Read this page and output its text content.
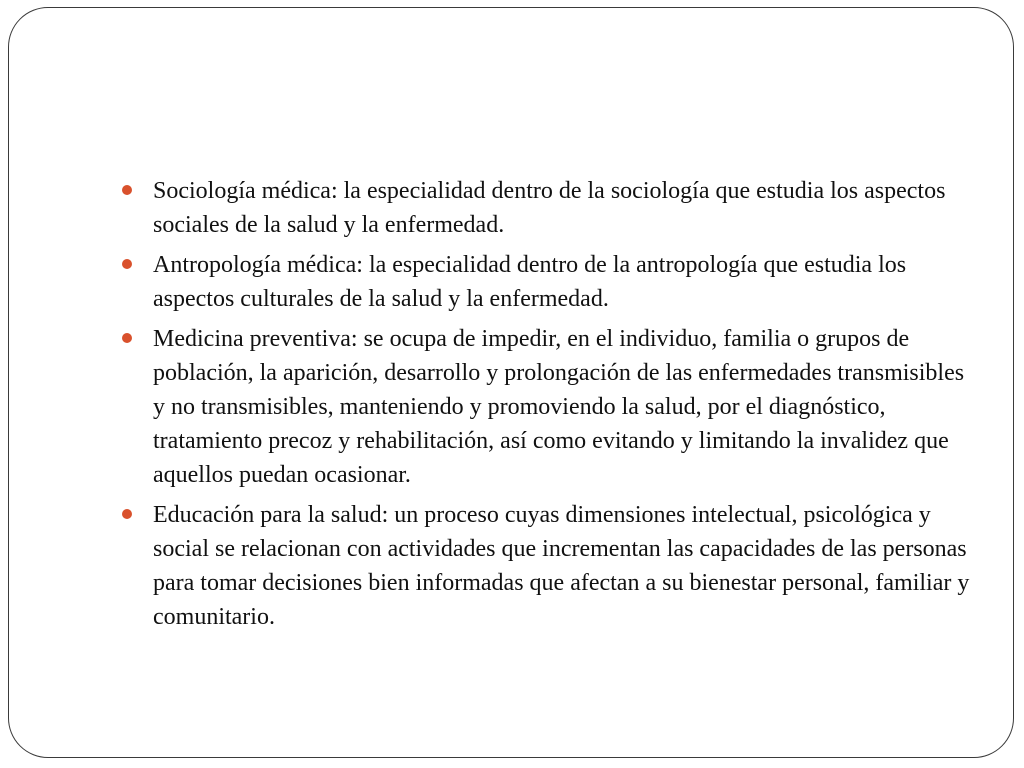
Sociología médica: la especialidad dentro de la sociología que estudia los aspectos sociales de la salud y la enfermedad.
Antropología médica: la especialidad dentro de la antropología que estudia los aspectos culturales de la salud y la enfermedad.
Medicina preventiva: se ocupa de impedir, en el individuo, familia o grupos de población, la aparición, desarrollo y prolongación de las enfermedades transmisibles y no transmisibles, manteniendo y promoviendo la salud, por el diagnóstico, tratamiento precoz y rehabilitación, así como evitando y limitando la invalidez que aquellos puedan ocasionar.
Educación para la salud: un proceso cuyas dimensiones intelectual, psicológica y social se relacionan con actividades que incrementan las capacidades de las personas para tomar decisiones bien informadas que afectan a su bienestar personal, familiar y comunitario.
